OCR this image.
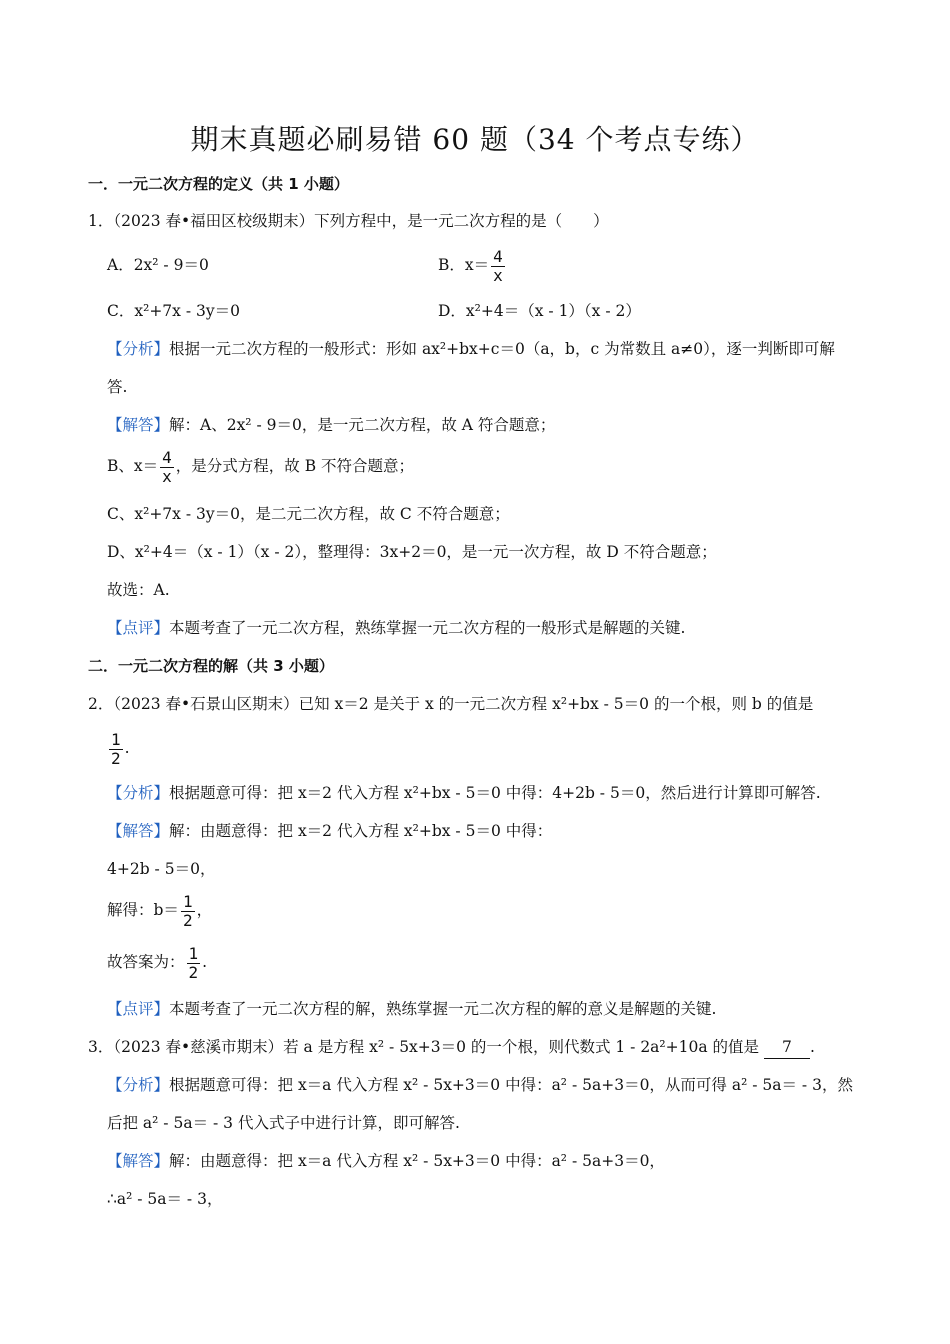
期末真题必刷易错 60 题（34 个考点专练）
一．一元二次方程的定义（共 1 小题）
1．（2023 春•福田区校级期末）下列方程中，是一元二次方程的是（　　）
A．2x² - 9＝0	B．$x= \frac{4}{x}$
C．x²+7x - 3y＝0	D．x²+4＝（x - 1）（x - 2）
【分析】根据一元二次方程的一般形式：形如 ax²+bx+c＝0（a，b，c 为常数且 a≠0），逐一判断即可解
答.
【解答】解：A、2x² - 9＝0，是一元二次方程，故 A 符合题意；
B、$x= \frac{4}{x}$ ，是分式方程，故 B 不符合题意；
C、x²+7x - 3y＝0，是二元二次方程，故 C 不符合题意；
D、x²+4＝（x - 1）（x - 2），整理得：3x+2＝0，是一元一次方程，故 D 不符合题意；
故选：A.
【点评】本题考查了一元二次方程，熟练掌握一元二次方程的一般形式是解题的关键.
二．一元二次方程的解（共 3 小题）
2．（2023 春•石景山区期末）已知 x＝2 是关于 x 的一元二次方程 x²+bx - 5＝0 的一个根，则 b 的值是
$\frac{1}{2}$ .
【分析】根据题意可得：把 x＝2 代入方程 x²+bx - 5＝0 中得：4+2b - 5＝0，然后进行计算即可解答.
【解答】解：由题意得：把 x＝2 代入方程 x²+bx - 5＝0 中得：
4+2b - 5＝0，
解得：$b= \frac{1}{2}$ ，
故答案为： $\frac{1}{2}$ .
【点评】本题考查了一元二次方程的解，熟练掌握一元二次方程的解的意义是解题的关键.
3．（2023 春•慈溪市期末）若 a 是方程 x² - 5x+3＝0 的一个根，则代数式 1 - 2a²+10a 的值是 7 .
【分析】根据题意可得：把 x＝a 代入方程 x² - 5x+3＝0 中得：a² - 5a+3＝0，从而可得 a² - 5a＝ - 3，然
后把 a² - 5a＝ - 3 代入式子中进行计算，即可解答.
【解答】解：由题意得：把 x＝a 代入方程 x² - 5x+3＝0 中得：a² - 5a+3＝0，
∴a² - 5a＝ - 3，
